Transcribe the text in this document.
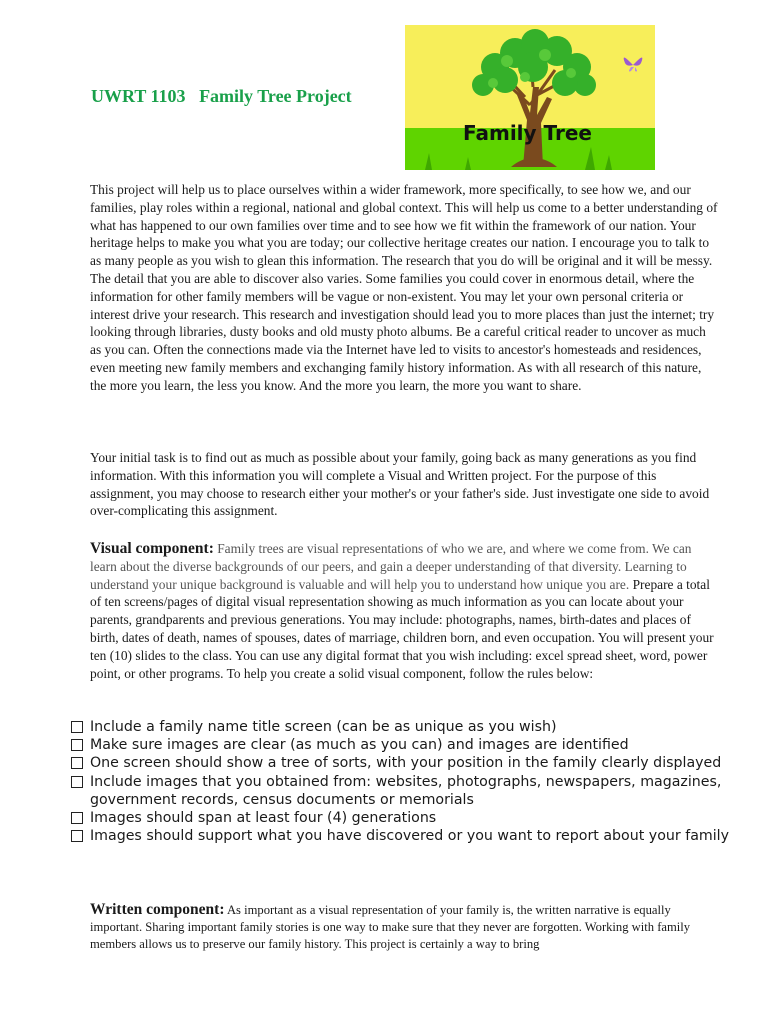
UWRT 1103 Family Tree Project
Family Tree

This project will help us to place ourselves within a wider framework, more specifically, to see how we, and our families, play roles within a regional, national and global context. This will help us come to a better understanding of what has happened to our own families over time and to see how we fit within the framework of our nation. Your heritage helps to make you what you are today; our collective heritage creates our nation. I encourage you to talk to as many people as you wish to glean this information. The research that you do will be original and it will be messy. The detail that you are able to discover also varies. Some families you could cover in enormous detail, where the information for other family members will be vague or non-existent. You may let your own personal criteria or interest drive your research. This research and investigation should lead you to more places than just the internet; try looking through libraries, dusty books and old musty photo albums. Be a careful critical reader to uncover as much as you can. Often the connections made via the Internet have led to visits to ancestor's homesteads and residences, even meeting new family members and exchanging family history information. As with all research of this nature, the more you learn, the less you know. And the more you learn, the more you want to share.

Your initial task is to find out as much as possible about your family, going back as many generations as you find information. With this information you will complete a Visual and Written project. For the purpose of this assignment, you may choose to research either your mother's or your father's side. Just investigate one side to avoid over-complicating this assignment.

Visual component: Family trees are visual representations of who we are, and where we come from. We can learn about the diverse backgrounds of our peers, and gain a deeper understanding of that diversity. Learning to understand your unique background is valuable and will help you to understand how unique you are. Prepare a total of ten screens/pages of digital visual representation showing as much information as you can locate about your parents, grandparents and previous generations. You may include: photographs, names, birth-dates and places of birth, dates of death, names of spouses, dates of marriage, children born, and even occupation. You will present your ten (10) slides to the class. You can use any digital format that you wish including: excel spread sheet, word, power point, or other programs. To help you create a solid visual component, follow the rules below:

Include a family name title screen (can be as unique as you wish)
Make sure images are clear (as much as you can) and images are identified
One screen should show a tree of sorts, with your position in the family clearly displayed
Include images that you obtained from: websites, photographs, newspapers, magazines, government records, census documents or memorials
Images should span at least four (4) generations
Images should support what you have discovered or you want to report about your family

Written component: As important as a visual representation of your family is, the written narrative is equally important. Sharing important family stories is one way to make sure that they never are forgotten. Working with family members allows us to preserve our family history. This project is certainly a way to bring
